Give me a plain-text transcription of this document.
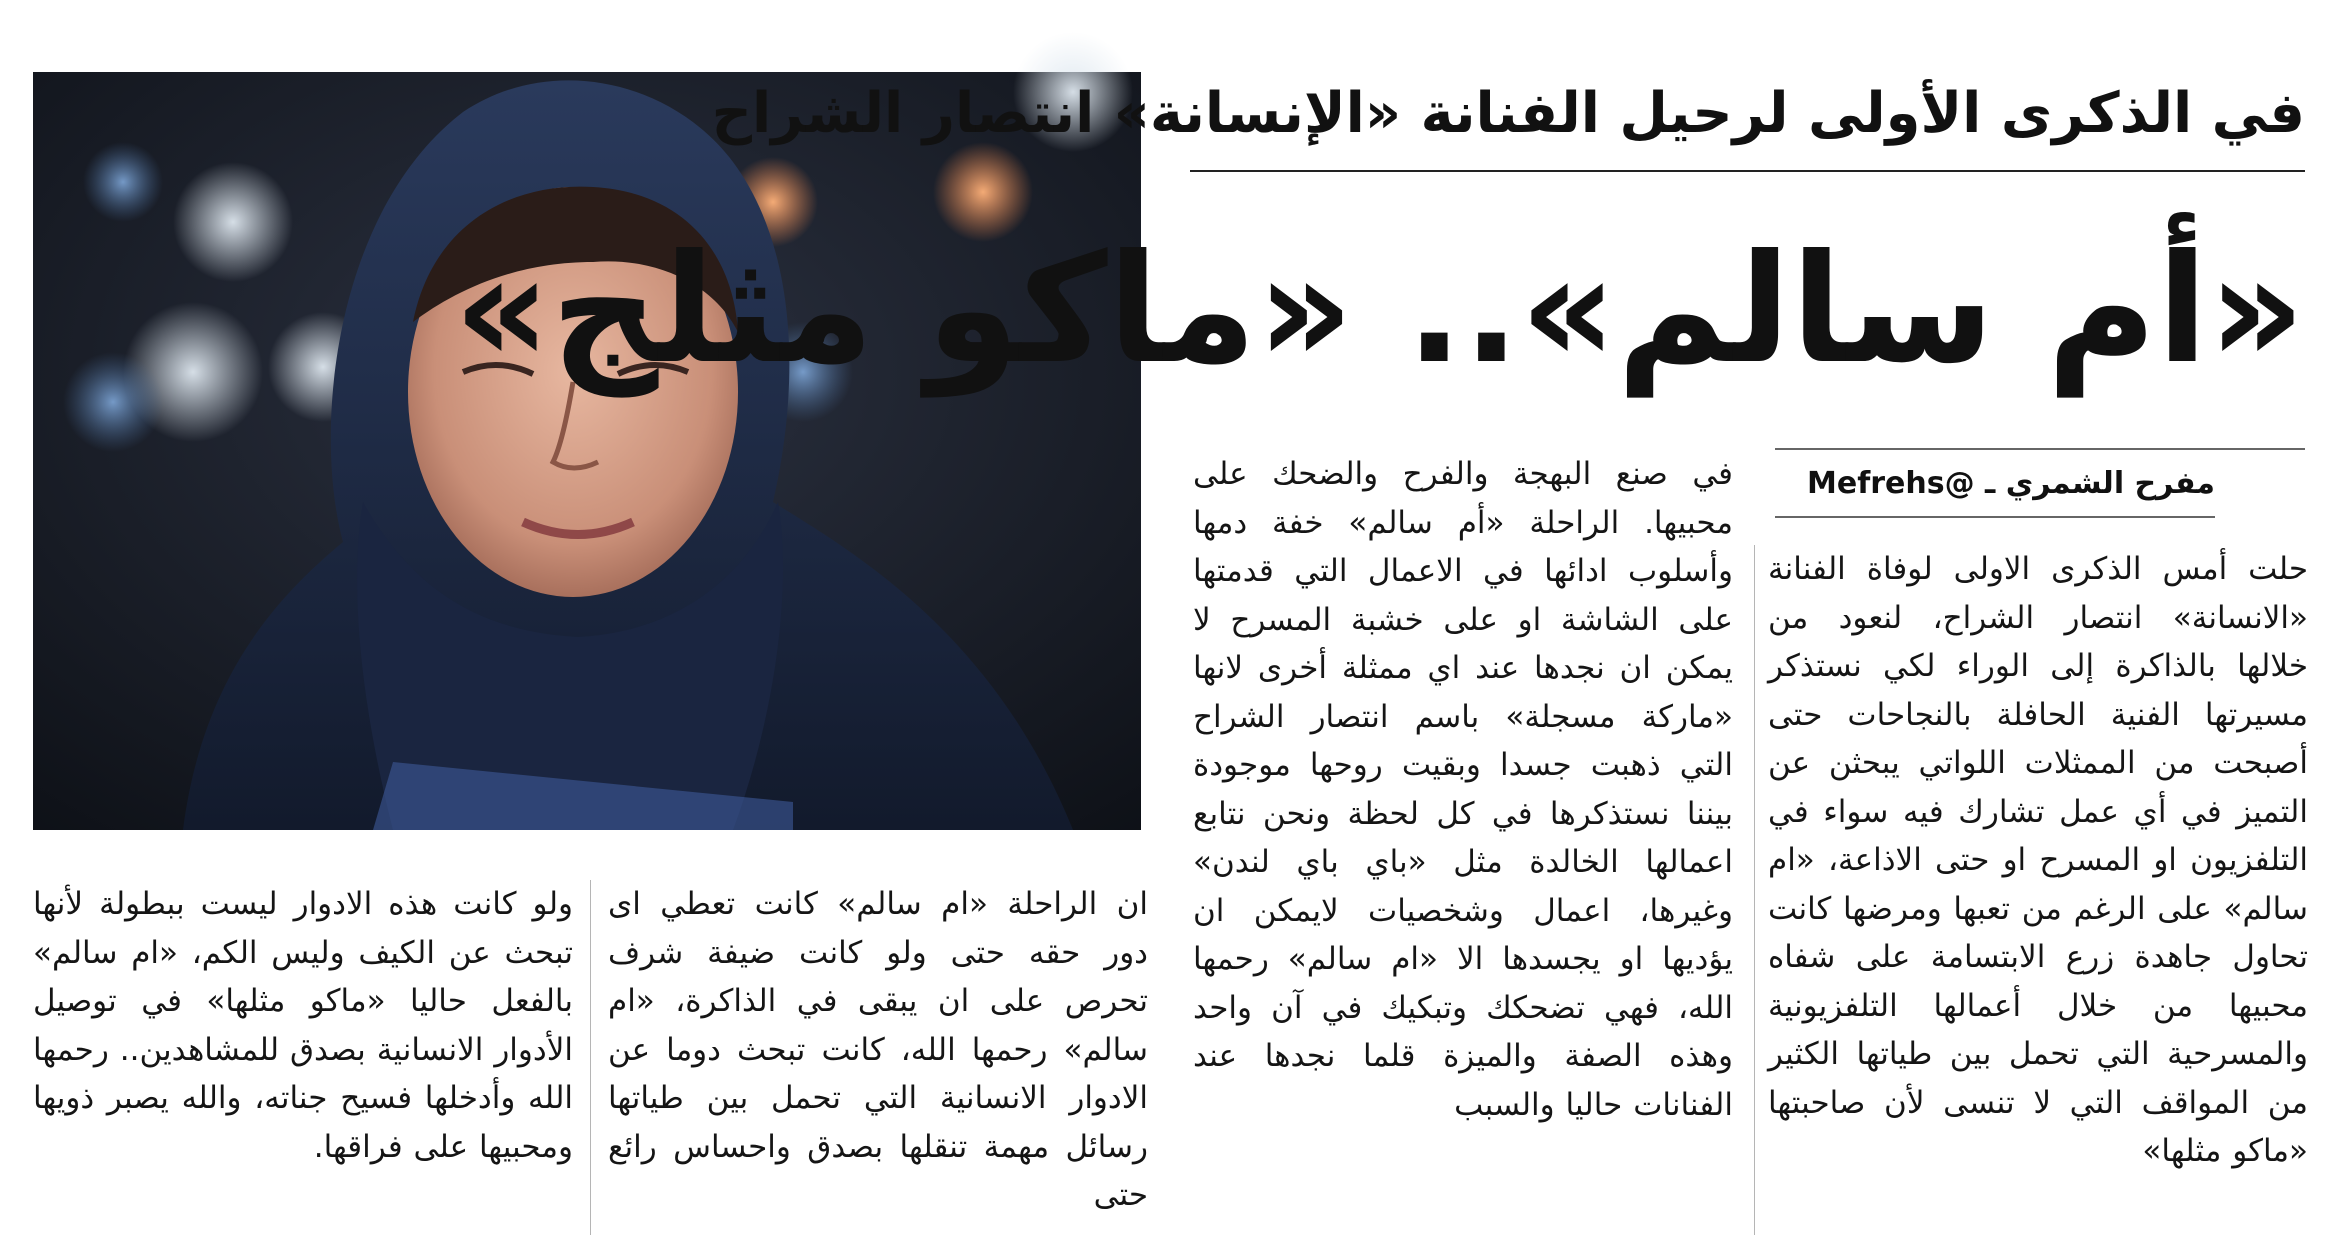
في الذكرى الأولى لرحيل الفنانة «الإنسانة» انتصار الشراح
«أم سالم».. «ماكو مثلج»
مفرح الشمري ـ @Mefrehs
حلت أمس الذكرى الاولى لوفاة الفنانة «الانسانة» انتصار الشراح، لنعود من خلالها بالذاكرة إلى الوراء لكي نستذكر مسيرتها الفنية الحافلة بالنجاحات حتى أصبحت من الممثلات اللواتي يبحثن عن التميز في أي عمل تشارك فيه سواء في التلفزيون او المسرح او حتى الاذاعة، «ام سالم» على الرغم من تعبها ومرضها كانت تحاول جاهدة زرع الابتسامة على شفاه محبيها من خلال أعمالها التلفزيونية والمسرحية التي تحمل بين طياتها الكثير من المواقف التي لا تنسى لأن صاحبتها «ماكو مثلها»
في صنع البهجة والفرح والضحك على محبيها. الراحلة «أم سالم» خفة دمها وأسلوب ادائها في الاعمال التي قدمتها على الشاشة او على خشبة المسرح لا يمكن ان نجدها عند اي ممثلة أخرى لانها «ماركة مسجلة» باسم انتصار الشراح التي ذهبت جسدا وبقيت روحها موجودة بيننا نستذكرها في كل لحظة ونحن نتابع اعمالها الخالدة مثل «باي باي لندن» وغيرها، اعمال وشخصيات لايمكن ان يؤديها او يجسدها الا «ام سالم» رحمها الله، فهي تضحكك وتبكيك في آن واحد وهذه الصفة والميزة قلما نجدها عند الفنانات حاليا والسبب
ان الراحلة «ام سالم» كانت تعطي اى دور حقه حتى ولو كانت ضيفة شرف تحرص على ان يبقى في الذاكرة، «ام سالم» رحمها الله، كانت تبحث دوما عن الادوار الانسانية التي تحمل بين طياتها رسائل مهمة تنقلها بصدق واحساس رائع حتى
ولو كانت هذه الادوار ليست ببطولة لأنها تبحث عن الكيف وليس الكم، «ام سالم» بالفعل حاليا «ماكو مثلها» في توصيل الأدوار الانسانية بصدق للمشاهدين.. رحمها الله وأدخلها فسيح جناته، والله يصبر ذويها ومحبيها على فراقها.
